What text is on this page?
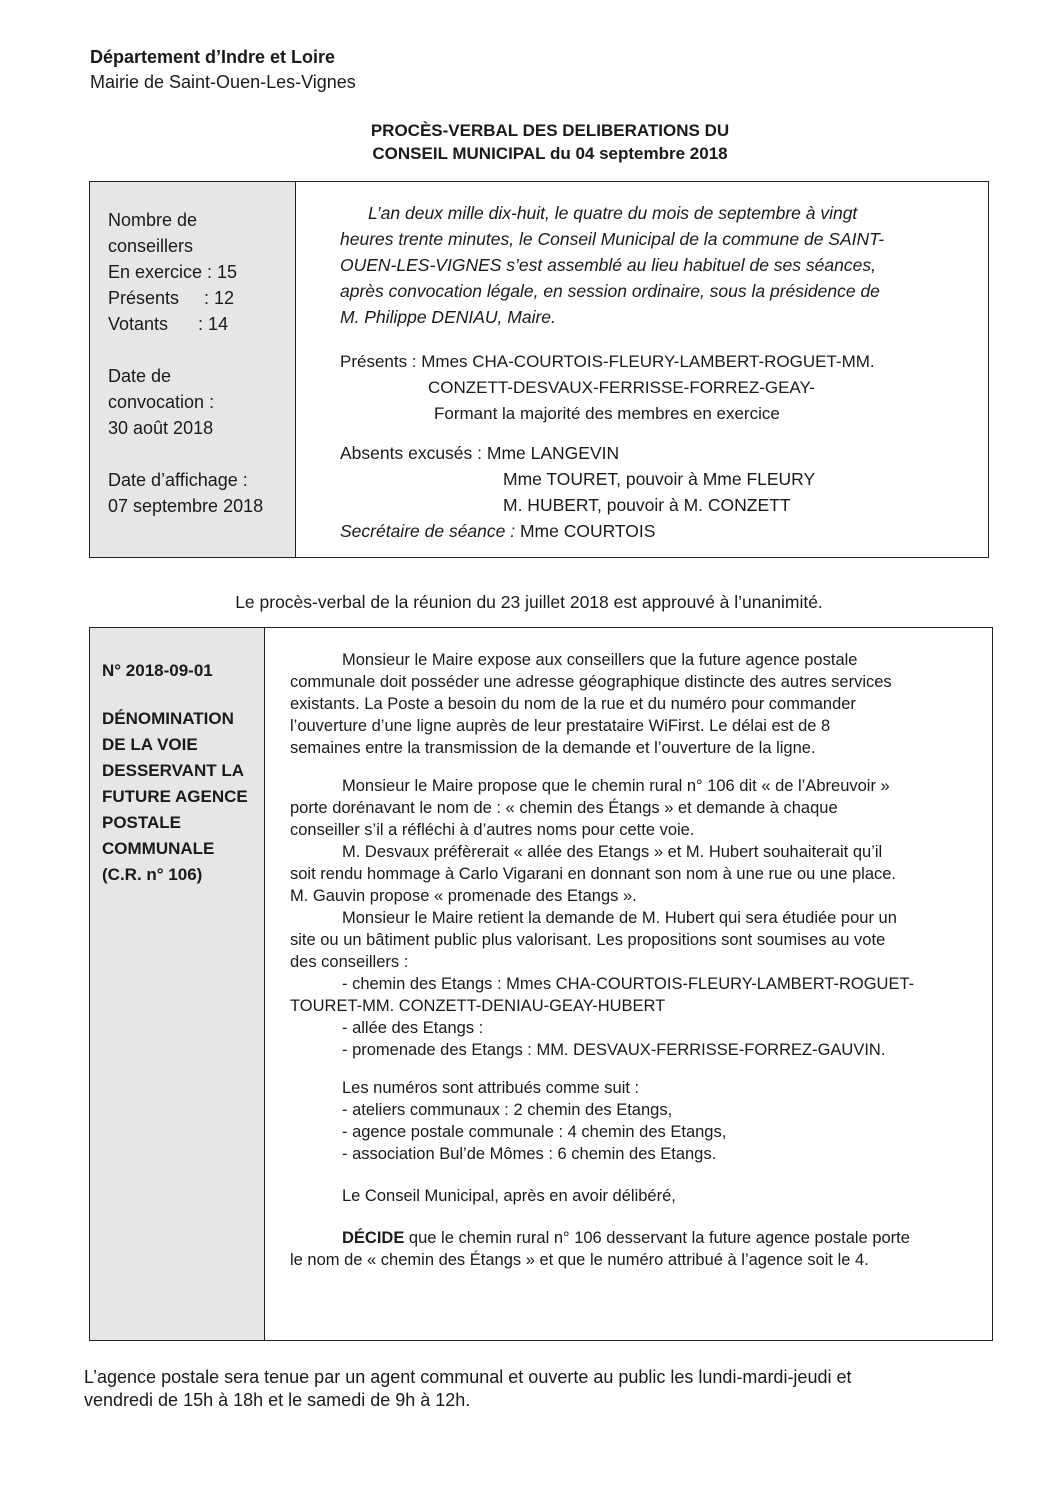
Département d’Indre et Loire
Mairie de Saint-Ouen-Les-Vignes
PROCÈS-VERBAL DES DELIBERATIONS DU
CONSEIL MUNICIPAL du 04 septembre 2018
Nombre de
conseillers
En exercice : 15
Présents     : 12
Votants      : 14
Date de
convocation :
30 août 2018
Date d’affichage :
07 septembre 2018
L’an deux mille dix-huit, le quatre du mois de septembre à vingt
heures trente minutes, le Conseil Municipal de la commune de SAINT-
OUEN-LES-VIGNES s’est assemblé au lieu habituel de ses séances,
après convocation légale, en session ordinaire, sous la présidence de
M. Philippe DENIAU, Maire.
Présents : Mmes CHA-COURTOIS-FLEURY-LAMBERT-ROGUET-MM.
CONZETT-DESVAUX-FERRISSE-FORREZ-GEAY-
Formant la majorité des membres en exercice
Absents excusés : Mme LANGEVIN
Mme TOURET, pouvoir à Mme FLEURY
M. HUBERT, pouvoir à M. CONZETT
Secrétaire de séance : Mme COURTOIS
Le procès-verbal de la réunion du 23 juillet 2018 est approuvé à l’unanimité.
N° 2018-09-01
DÉNOMINATION
DE LA VOIE
DESSERVANT LA
FUTURE AGENCE
POSTALE
COMMUNALE
(C.R. n° 106)
Monsieur le Maire expose aux conseillers que la future agence postale
communale doit posséder une adresse géographique distincte des autres services
existants. La Poste a besoin du nom de la rue et du numéro pour commander
l’ouverture d’une ligne auprès de leur prestataire WiFirst. Le délai est de 8
semaines entre la transmission de la demande et l’ouverture de la ligne.
Monsieur le Maire propose que le chemin rural n° 106 dit « de l’Abreuvoir »
porte dorénavant le nom de : « chemin des Étangs » et demande à chaque
conseiller s’il a réfléchi à d’autres noms pour cette voie.
M. Desvaux préfèrerait « allée des Etangs » et M. Hubert souhaiterait qu’il
soit rendu hommage à Carlo Vigarani en donnant son nom à une rue ou une place.
M. Gauvin propose « promenade des Etangs ».
Monsieur le Maire retient la demande de M. Hubert qui sera étudiée pour un
site ou un bâtiment public plus valorisant. Les propositions sont soumises au vote
des conseillers :
- chemin des Etangs : Mmes CHA-COURTOIS-FLEURY-LAMBERT-ROGUET-
TOURET-MM. CONZETT-DENIAU-GEAY-HUBERT
- allée des Etangs :
- promenade des Etangs : MM. DESVAUX-FERRISSE-FORREZ-GAUVIN.
Les numéros sont attribués comme suit :
- ateliers communaux : 2 chemin des Etangs,
- agence postale communale : 4 chemin des Etangs,
- association Bul’de Mômes : 6 chemin des Etangs.
Le Conseil Municipal, après en avoir délibéré,
DÉCIDE que le chemin rural n° 106 desservant la future agence postale porte
le nom de « chemin des Étangs » et que le numéro attribué à l’agence soit le 4.
L’agence postale sera tenue par un agent communal et ouverte au public les lundi-mardi-jeudi et
vendredi de 15h à 18h et le samedi de 9h à 12h.
